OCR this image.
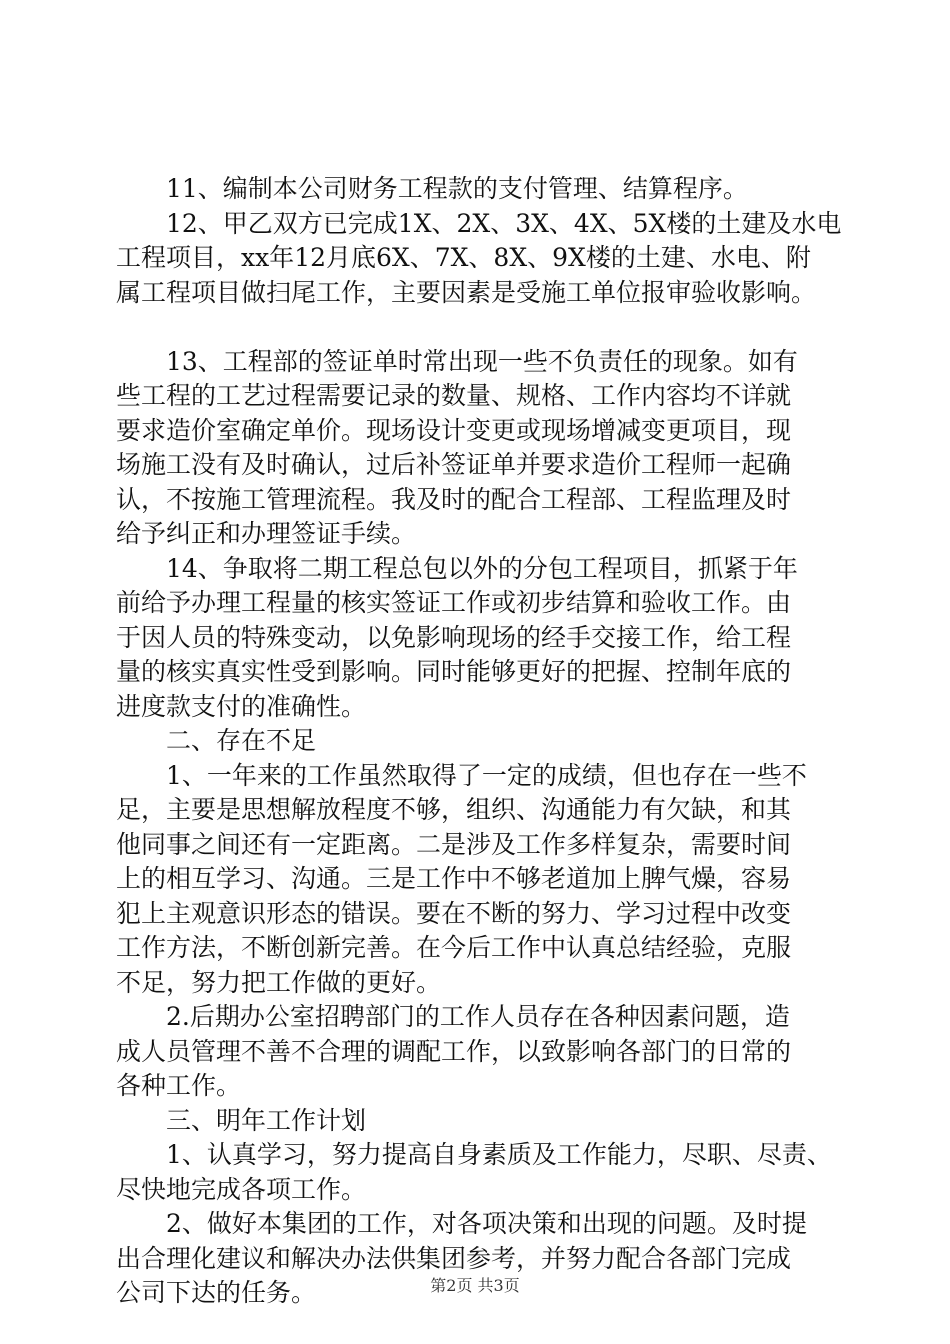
11、编制本公司财务工程款的支付管理、结算程序。
12、甲乙双方已完成1X、2X、3X、4X、5X楼的土建及水电
工程项目，xx年12月底6X、7X、8X、9X楼的土建、水电、附
属工程项目做扫尾工作，主要因素是受施工单位报审验收影响。
13、工程部的签证单时常出现一些不负责任的现象。如有
些工程的工艺过程需要记录的数量、规格、工作内容均不详就
要求造价室确定单价。现场设计变更或现场增减变更项目，现
场施工没有及时确认，过后补签证单并要求造价工程师一起确
认，不按施工管理流程。我及时的配合工程部、工程监理及时
给予纠正和办理签证手续。
14、争取将二期工程总包以外的分包工程项目，抓紧于年
前给予办理工程量的核实签证工作或初步结算和验收工作。由
于因人员的特殊变动，以免影响现场的经手交接工作，给工程
量的核实真实性受到影响。同时能够更好的把握、控制年底的
进度款支付的准确性。
二、存在不足
1、一年来的工作虽然取得了一定的成绩，但也存在一些不
足，主要是思想解放程度不够，组织、沟通能力有欠缺，和其
他同事之间还有一定距离。二是涉及工作多样复杂，需要时间
上的相互学习、沟通。三是工作中不够老道加上脾气燥，容易
犯上主观意识形态的错误。要在不断的努力、学习过程中改变
工作方法，不断创新完善。在今后工作中认真总结经验，克服
不足，努力把工作做的更好。
2.后期办公室招聘部门的工作人员存在各种因素问题，造
成人员管理不善不合理的调配工作，以致影响各部门的日常的
各种工作。
三、明年工作计划
1、认真学习，努力提高自身素质及工作能力，尽职、尽责、
尽快地完成各项工作。
2、做好本集团的工作，对各项决策和出现的问题。及时提
出合理化建议和解决办法供集团参考，并努力配合各部门完成
公司下达的任务。	第2页 共3页
